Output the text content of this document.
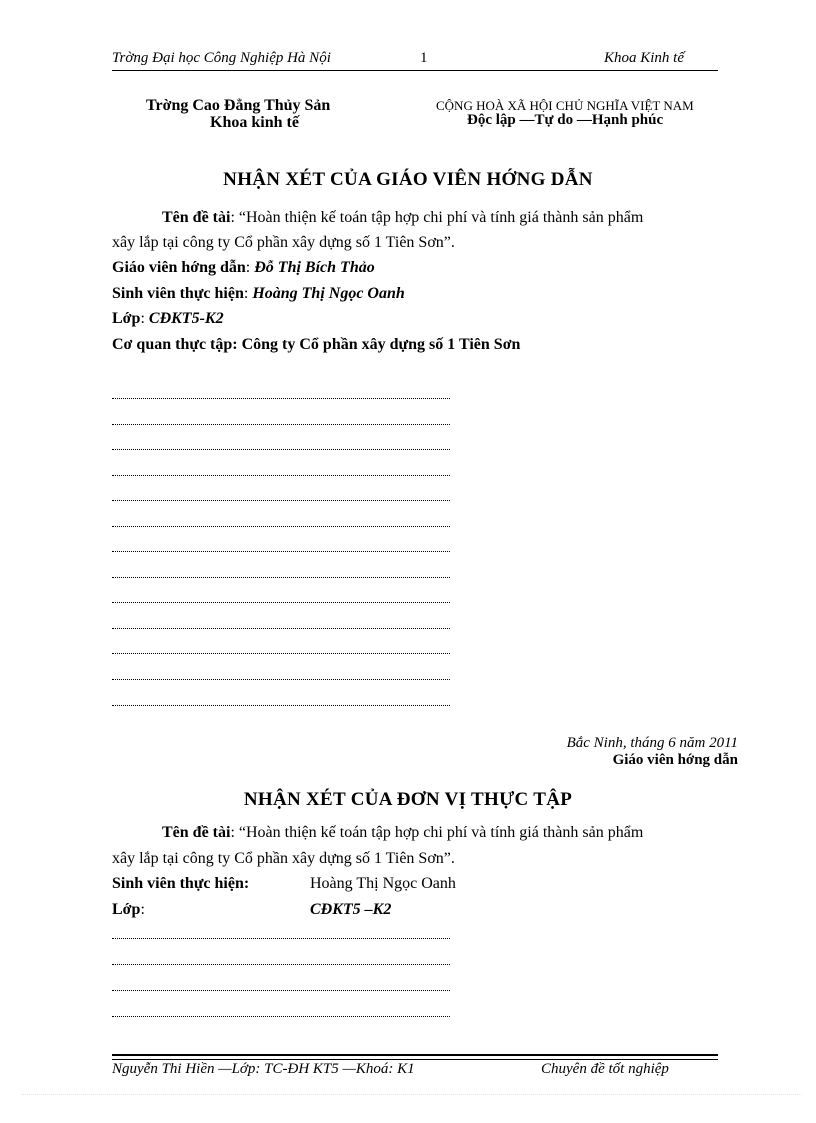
Trờng Đại học Công Nghiệp Hà Nội	1	Khoa Kinh tế
Trờng Cao Đẳng Thủy Sản
Khoa kinh tế
CỘNG HOÀ XÃ HỘI CHỦ NGHĨA VIỆT NAM
Độc lập —Tự do —Hạnh phúc
NHẬN XÉT CỦA GIÁO VIÊN HỚNG DẪN
Tên đề tài: “Hoàn thiện kế toán tập hợp chi phí và tính giá thành sản phẩm
xây lắp tại công ty Cổ phần xây dựng số 1 Tiên Sơn”.
Giáo viên hớng dẫn: Đỗ Thị Bích Thảo
Sinh viên thực hiện: Hoàng Thị Ngọc Oanh
Lớp: CĐKT5-K2
Cơ quan thực tập: Công ty Cổ phần xây dựng số 1 Tiên Sơn
Bắc Ninh, tháng 6 năm 2011
Giáo viên hớng dẫn
NHẬN XÉT CỦA ĐƠN VỊ THỰC TẬP
Tên đề tài: “Hoàn thiện kế toán tập hợp chi phí và tính giá thành sản phẩm
xây lắp tại công ty Cổ phần xây dựng số 1 Tiên Sơn”.
Sinh viên thực hiện:	Hoàng Thị Ngọc Oanh
Lớp:	CĐKT5 –K2
Nguyễn Thi Hiền —Lớp: TC-ĐH KT5 —Khoá: K1	Chuyên đề tốt nghiệp
